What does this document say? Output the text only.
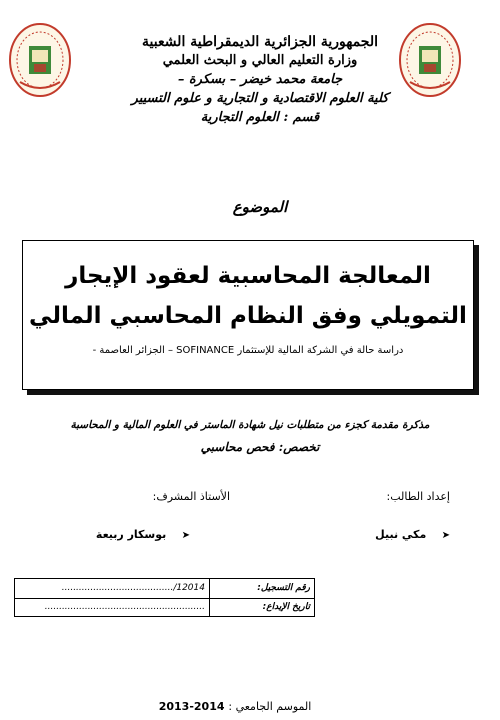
الجمهورية الجزائرية الديمقراطية الشعبية
وزارة التعليم العالي و البحث العلمي
جامعة محمد خيضر – بسكرة –
كلية العلوم الاقتصادية و التجارية و علوم التسيير
قسم : العلوم التجارية
الموضوع
المعالجة المحاسبية لعقود الإيجار
التمويلي وفق النظام المحاسبي المالي
دراسة حالة في الشركة المالية للإستثمار SOFINANCE – الجزائر العاصمة -
مذكرة مقدمة كجزء من متطلبات نيل شهادة الماستر في العلوم المالية و المحاسبة
تخصص: فحص محاسبي
إعداد الطالب:
الأستاذ المشرف:
➤    مكي نبيل
➤    بوسكار ربيعة
رقم التسجيل:
12014/.......................................
تاريخ الإيداع:
........................................................
الموسم الجامعي : 2014-2013
